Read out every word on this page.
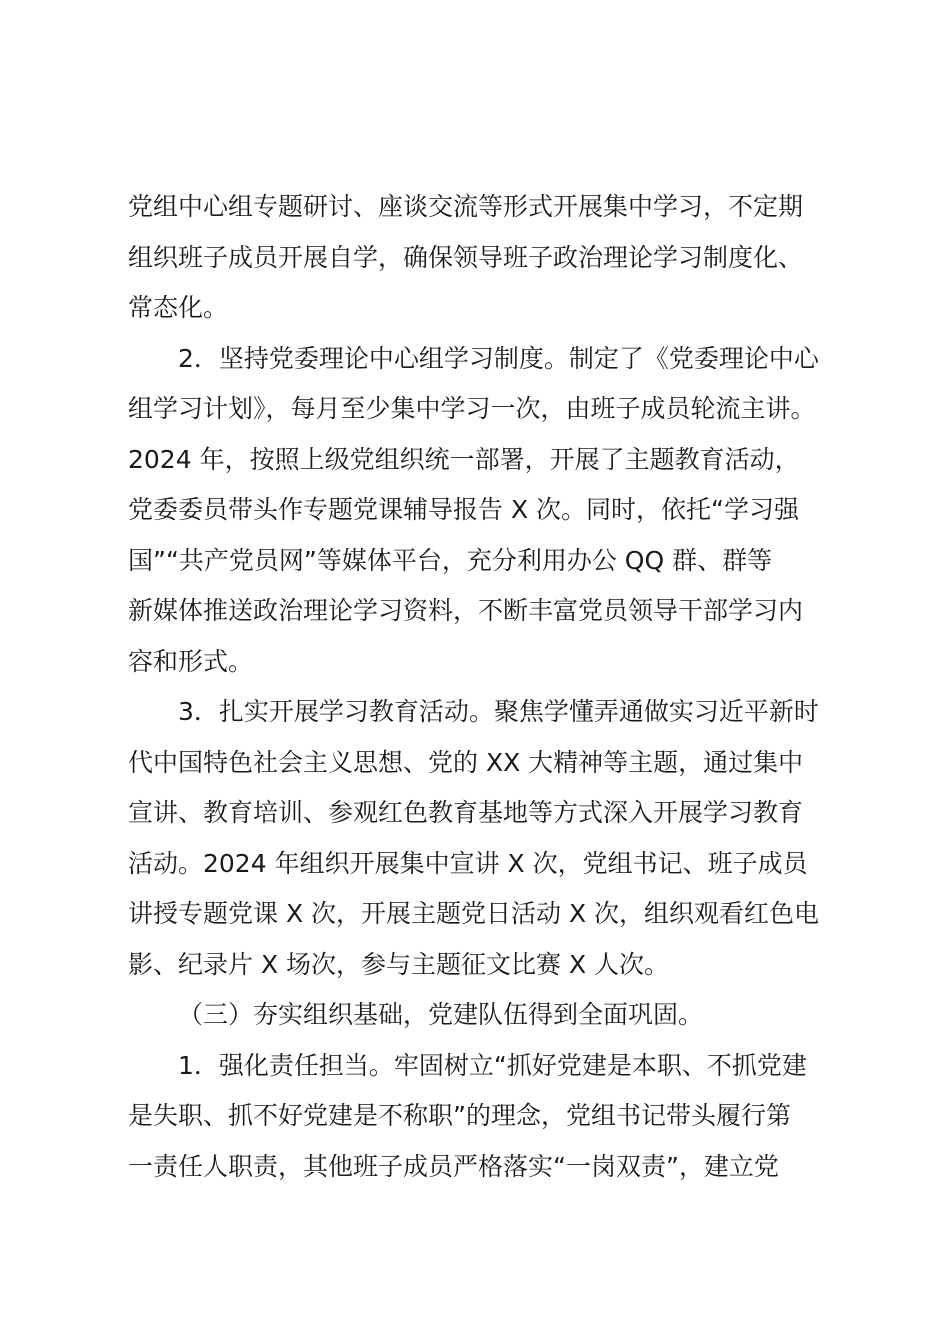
党组中心组专题研讨、座谈交流等形式开展集中学习，不定期
组织班子成员开展自学，确保领导班子政治理论学习制度化、
常态化。
2．坚持党委理论中心组学习制度。制定了《党委理论中心
组学习计划》，每月至少集中学习一次，由班子成员轮流主讲。
2024 年，按照上级党组织统一部署，开展了主题教育活动，
党委委员带头作专题党课辅导报告 X 次。同时，依托“学习强
国”“共产党员网”等媒体平台，充分利用办公 QQ 群、群等
新媒体推送政治理论学习资料，不断丰富党员领导干部学习内
容和形式。
3．扎实开展学习教育活动。聚焦学懂弄通做实习近平新时
代中国特色社会主义思想、党的 XX 大精神等主题，通过集中
宣讲、教育培训、参观红色教育基地等方式深入开展学习教育
活动。2024 年组织开展集中宣讲 X 次，党组书记、班子成员
讲授专题党课 X 次，开展主题党日活动 X 次，组织观看红色电
影、纪录片 X 场次，参与主题征文比赛 X 人次。
（三）夯实组织基础，党建队伍得到全面巩固。
1．强化责任担当。牢固树立“抓好党建是本职、不抓党建
是失职、抓不好党建是不称职”的理念，党组书记带头履行第
一责任人职责，其他班子成员严格落实“一岗双责”，建立党
